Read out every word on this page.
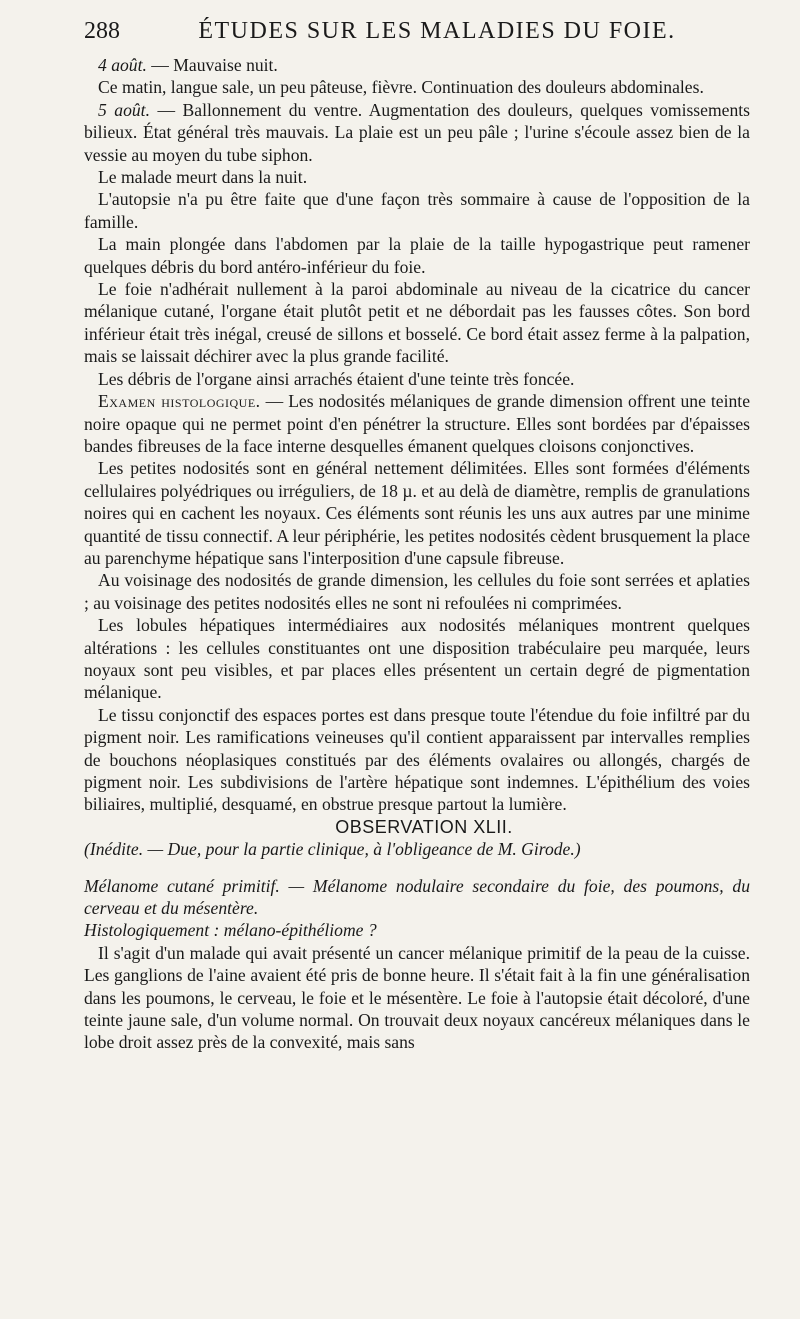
288	ÉTUDES SUR LES MALADIES DU FOIE.

4 août. — Mauvaise nuit.

Ce matin, langue sale, un peu pâteuse, fièvre. Continuation des douleurs abdominales.

5 août. — Ballonnement du ventre. Augmentation des douleurs, quelques vomissements bilieux. État général très mauvais. La plaie est un peu pâle ; l'urine s'écoule assez bien de la vessie au moyen du tube siphon.

Le malade meurt dans la nuit.

L'autopsie n'a pu être faite que d'une façon très sommaire à cause de l'opposition de la famille.

La main plongée dans l'abdomen par la plaie de la taille hypogastrique peut ramener quelques débris du bord antéro-inférieur du foie.

Le foie n'adhérait nullement à la paroi abdominale au niveau de la cicatrice du cancer mélanique cutané, l'organe était plutôt petit et ne débordait pas les fausses côtes. Son bord inférieur était très inégal, creusé de sillons et bosselé. Ce bord était assez ferme à la palpation, mais se laissait déchirer avec la plus grande facilité.

Les débris de l'organe ainsi arrachés étaient d'une teinte très foncée.

Examen histologique. — Les nodosités mélaniques de grande dimension offrent une teinte noire opaque qui ne permet point d'en pénétrer la structure. Elles sont bordées par d'épaisses bandes fibreuses de la face interne desquelles émanent quelques cloisons conjonctives.

Les petites nodosités sont en général nettement délimitées. Elles sont formées d'éléments cellulaires polyédriques ou irréguliers, de 18 µ. et au delà de diamètre, remplis de granulations noires qui en cachent les noyaux. Ces éléments sont réunis les uns aux autres par une minime quantité de tissu connectif. A leur périphérie, les petites nodosités cèdent brusquement la place au parenchyme hépatique sans l'interposition d'une capsule fibreuse.

Au voisinage des nodosités de grande dimension, les cellules du foie sont serrées et aplaties ; au voisinage des petites nodosités elles ne sont ni refoulées ni comprimées.

Les lobules hépatiques intermédiaires aux nodosités mélaniques montrent quelques altérations : les cellules constituantes ont une disposition trabéculaire peu marquée, leurs noyaux sont peu visibles, et par places elles présentent un certain degré de pigmentation mélanique.

Le tissu conjonctif des espaces portes est dans presque toute l'étendue du foie infiltré par du pigment noir. Les ramifications veineuses qu'il contient apparaissent par intervalles remplies de bouchons néoplasiques constitués par des éléments ovalaires ou allongés, chargés de pigment noir. Les subdivisions de l'artère hépatique sont indemnes. L'épithélium des voies biliaires, multiplié, desquamé, en obstrue presque partout la lumière.

OBSERVATION XLII.

(Inédite. — Due, pour la partie clinique, à l'obligeance de M. Girode.)

Mélanome cutané primitif. — Mélanome nodulaire secondaire du foie, des poumons, du cerveau et du mésentère.

Histologiquement : mélano-épithéliome ?

Il s'agit d'un malade qui avait présenté un cancer mélanique primitif de la peau de la cuisse. Les ganglions de l'aine avaient été pris de bonne heure. Il s'était fait à la fin une généralisation dans les poumons, le cerveau, le foie et le mésentère. Le foie à l'autopsie était décoloré, d'une teinte jaune sale, d'un volume normal. On trouvait deux noyaux cancéreux mélaniques dans le lobe droit assez près de la convexité, mais sans
